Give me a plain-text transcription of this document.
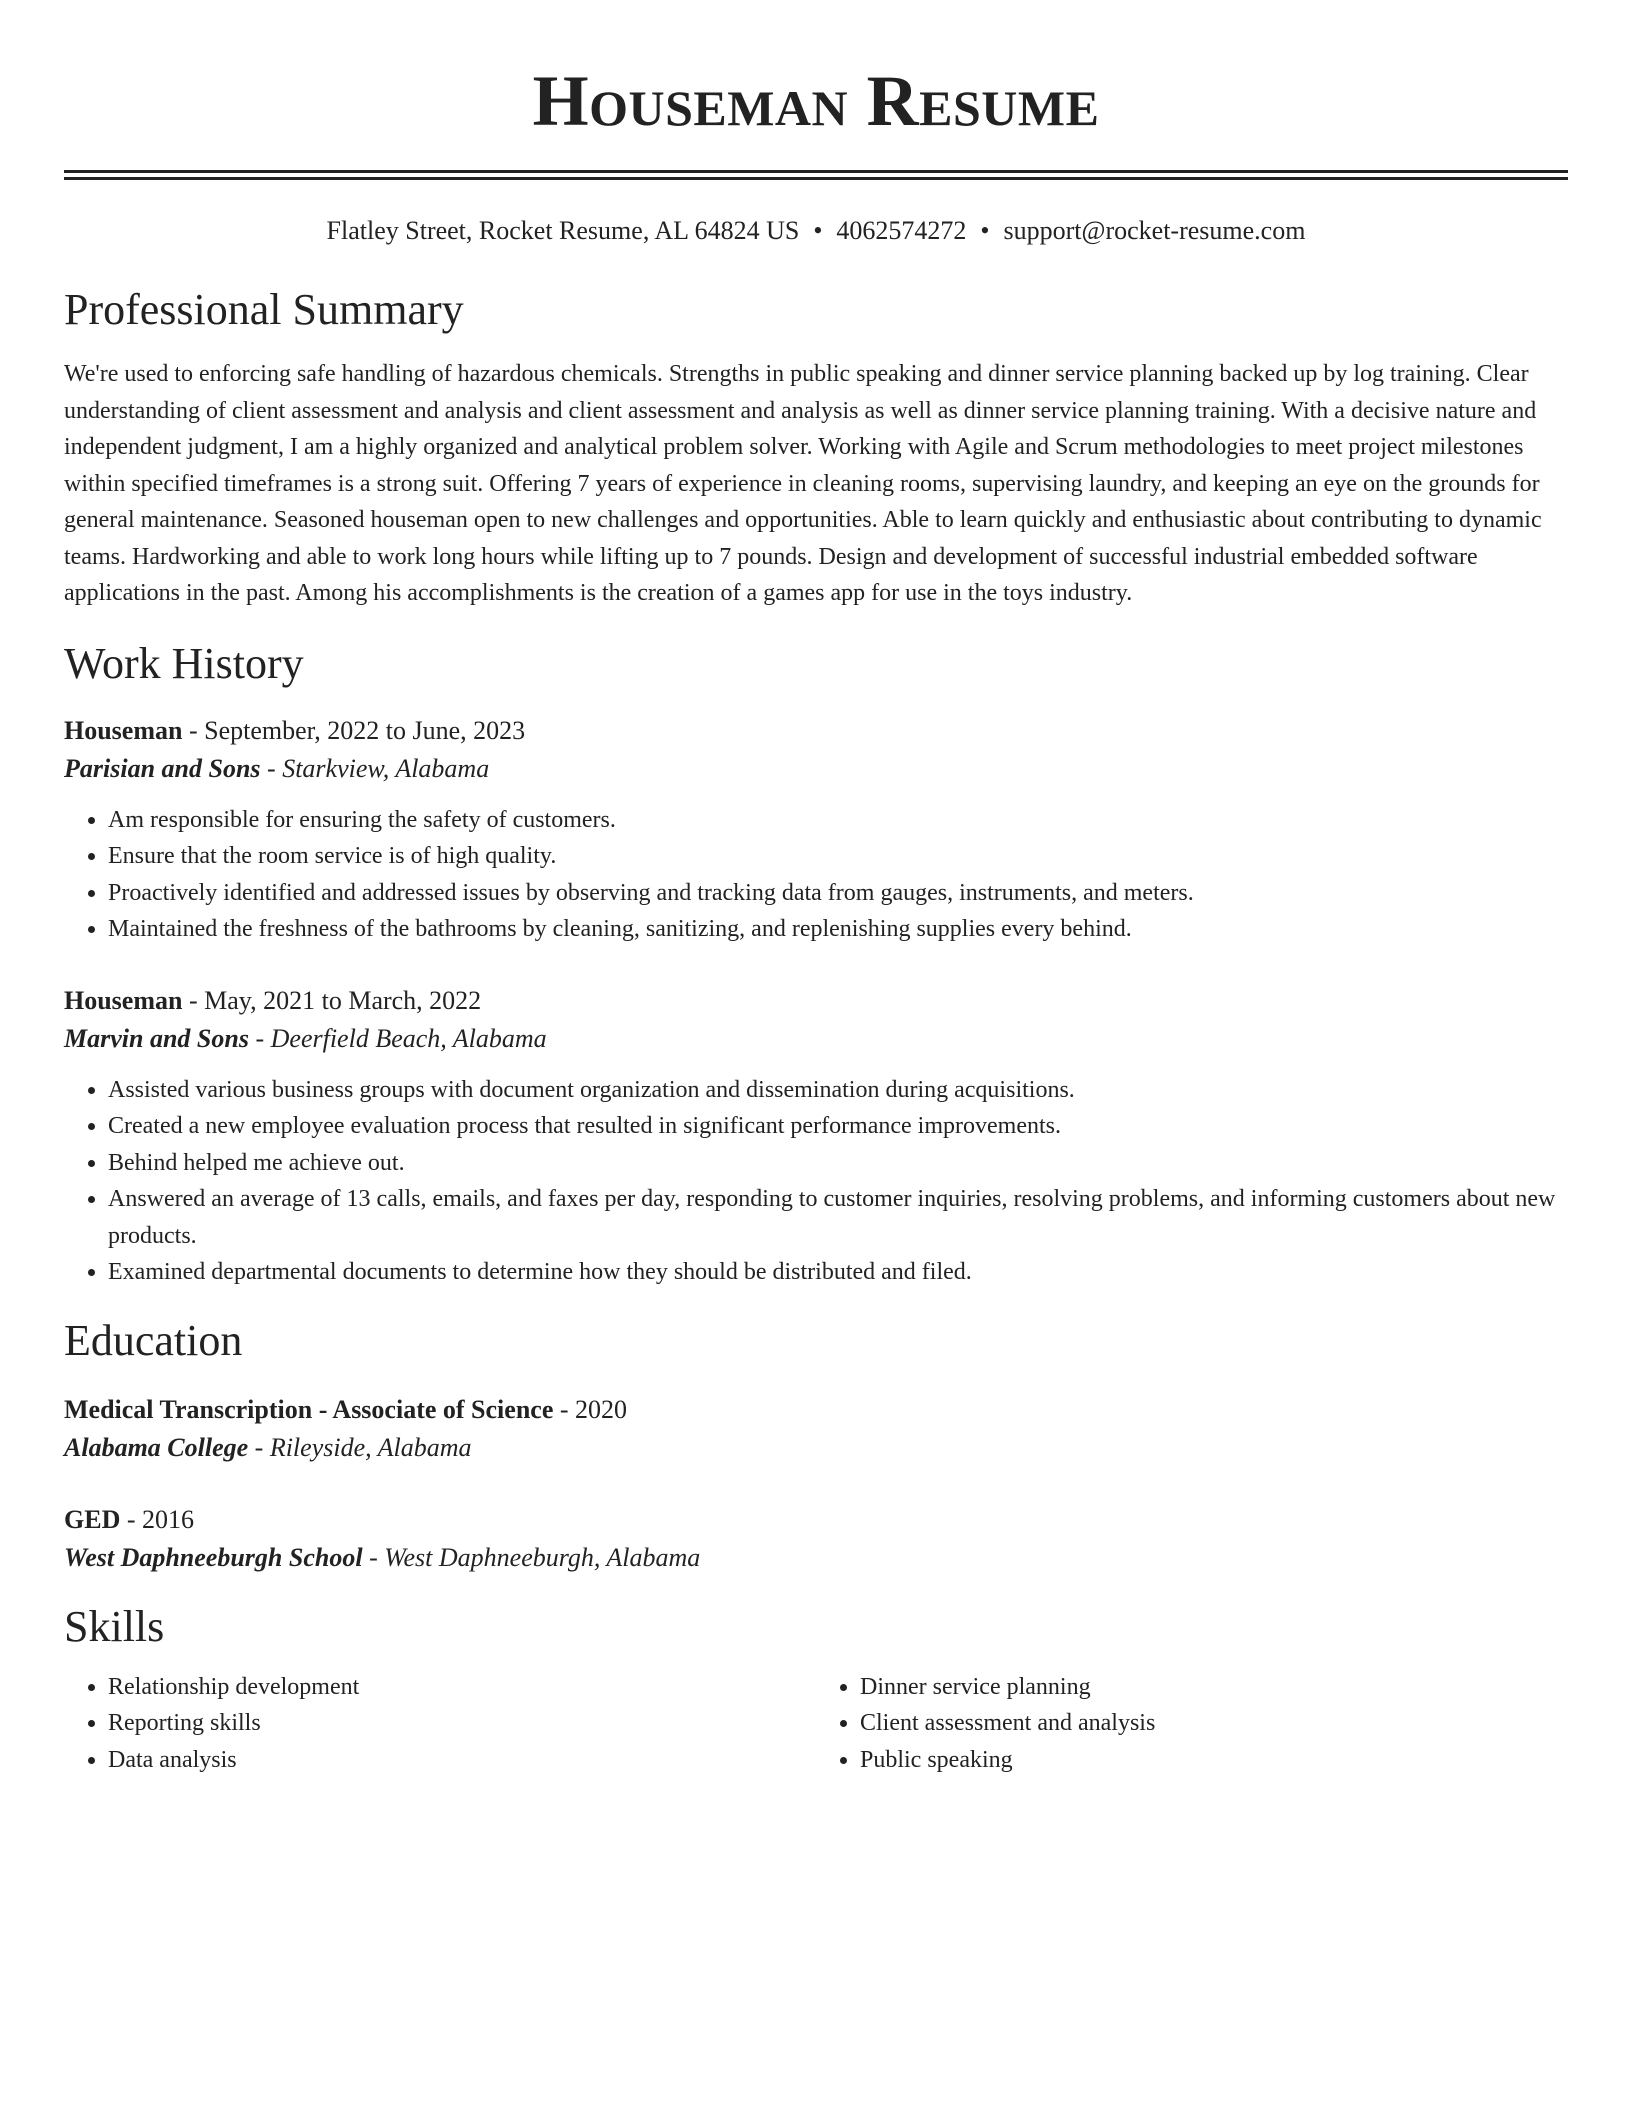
Houseman Resume
Flatley Street, Rocket Resume, AL 64824 US • 4062574272 • support@rocket-resume.com
Professional Summary

We're used to enforcing safe handling of hazardous chemicals. Strengths in public speaking and dinner service planning backed up by log training. Clear understanding of client assessment and analysis and client assessment and analysis as well as dinner service planning training. With a decisive nature and independent judgment, I am a highly organized and analytical problem solver. Working with Agile and Scrum methodologies to meet project milestones within specified timeframes is a strong suit. Offering 7 years of experience in cleaning rooms, supervising laundry, and keeping an eye on the grounds for general maintenance. Seasoned houseman open to new challenges and opportunities. Able to learn quickly and enthusiastic about contributing to dynamic teams. Hardworking and able to work long hours while lifting up to 7 pounds. Design and development of successful industrial embedded software applications in the past. Among his accomplishments is the creation of a games app for use in the toys industry.

Work History

Houseman - September, 2022 to June, 2023

Parisian and Sons - Starkview, Alabama

• Am responsible for ensuring the safety of customers.
• Ensure that the room service is of high quality.
• Proactively identified and addressed issues by observing and tracking data from gauges, instruments, and meters.
• Maintained the freshness of the bathrooms by cleaning, sanitizing, and replenishing supplies every behind.

Houseman - May, 2021 to March, 2022

Marvin and Sons - Deerfield Beach, Alabama

• Assisted various business groups with document organization and dissemination during acquisitions.
• Created a new employee evaluation process that resulted in significant performance improvements.
• Behind helped me achieve out.
• Answered an average of 13 calls, emails, and faxes per day, responding to customer inquiries, resolving problems, and informing customers about new products.
• Examined departmental documents to determine how they should be distributed and filed.
Education

Medical Transcription - Associate of Science - 2020

Alabama College - Rileyside, Alabama

GED - 2016

West Daphneeburgh School - West Daphneeburgh, Alabama

Skills
• Relationship development
• Reporting skills
• Data analysis
• Dinner service planning
• Client assessment and analysis
• Public speaking
